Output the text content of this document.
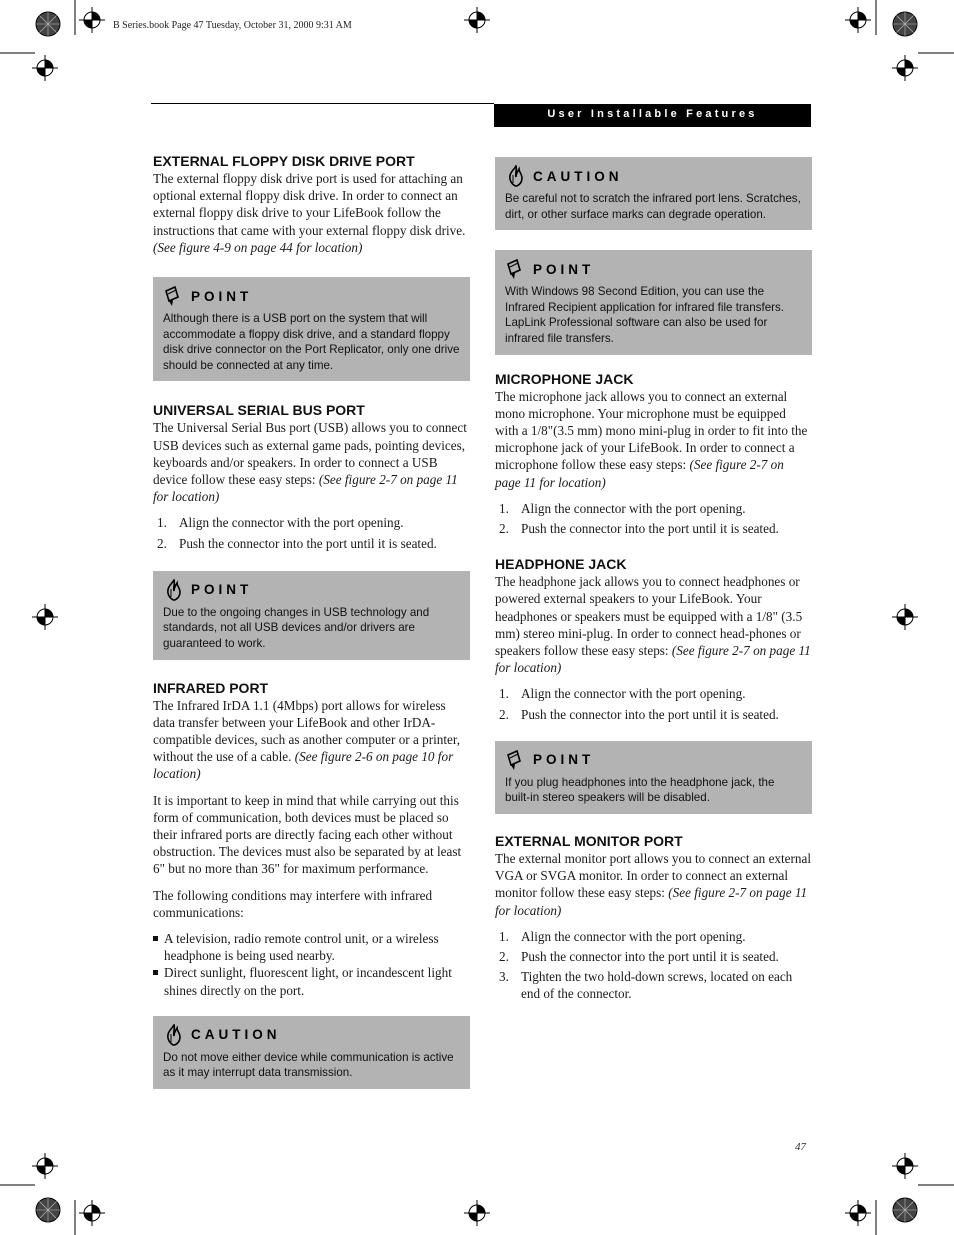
B Series.book Page 47 Tuesday, October 31, 2000 9:31 AM
User Installable Features
EXTERNAL FLOPPY DISK DRIVE PORT

The external floppy disk drive port is used for attaching an optional external floppy disk drive. In order to connect an external floppy disk drive to your LifeBook follow the instructions that came with your external floppy disk drive. (See figure 4-9 on page 44 for location)

POINT
Although there is a USB port on the system that will accommodate a floppy disk drive, and a standard floppy disk drive connector on the Port Replicator, only one drive should be connected at any time.
UNIVERSAL SERIAL BUS PORT

The Universal Serial Bus port (USB) allows you to connect USB devices such as external game pads, pointing devices, keyboards and/or speakers. In order to connect a USB device follow these easy steps: (See figure 2-7 on page 11 for location)

1. Align the connector with the port opening.
2. Push the connector into the port until it is seated.
POINT
Due to the ongoing changes in USB technology and standards, not all USB devices and/or drivers are guaranteed to work.
INFRARED PORT

The Infrared IrDA 1.1 (4Mbps) port allows for wireless data transfer between your LifeBook and other IrDA-compatible devices, such as another computer or a printer, without the use of a cable. (See figure 2-6 on page 10 for location)

It is important to keep in mind that while carrying out this form of communication, both devices must be placed so their infrared ports are directly facing each other without obstruction. The devices must also be separated by at least 6" but no more than 36" for maximum performance.

The following conditions may interfere with infrared communications:

A television, radio remote control unit, or a wireless headphone is being used nearby.
Direct sunlight, fluorescent light, or incandescent light shines directly on the port.
CAUTION
Do not move either device while communication is active as it may interrupt data transmission.
CAUTION
Be careful not to scratch the infrared port lens. Scratches, dirt, or other surface marks can degrade operation.
POINT
With Windows 98 Second Edition, you can use the Infrared Recipient application for infrared file transfers. LapLink Professional software can also be used for infrared file transfers.
MICROPHONE JACK

The microphone jack allows you to connect an external mono microphone. Your microphone must be equipped with a 1/8"(3.5 mm) mono mini-plug in order to fit into the microphone jack of your LifeBook. In order to connect a microphone follow these easy steps: (See figure 2-7 on page 11 for location)

1. Align the connector with the port opening.
2. Push the connector into the port until it is seated.
HEADPHONE JACK

The headphone jack allows you to connect headphones or powered external speakers to your LifeBook. Your headphones or speakers must be equipped with a 1/8" (3.5 mm) stereo mini-plug. In order to connect head-phones or speakers follow these easy steps: (See figure 2-7 on page 11 for location)

1. Align the connector with the port opening.
2. Push the connector into the port until it is seated.
POINT
If you plug headphones into the headphone jack, the built-in stereo speakers will be disabled.
EXTERNAL MONITOR PORT

The external monitor port allows you to connect an external VGA or SVGA monitor. In order to connect an external monitor follow these easy steps: (See figure 2-7 on page 11 for location)

1. Align the connector with the port opening.
2. Push the connector into the port until it is seated.
3. Tighten the two hold-down screws, located on each end of the connector.
47
